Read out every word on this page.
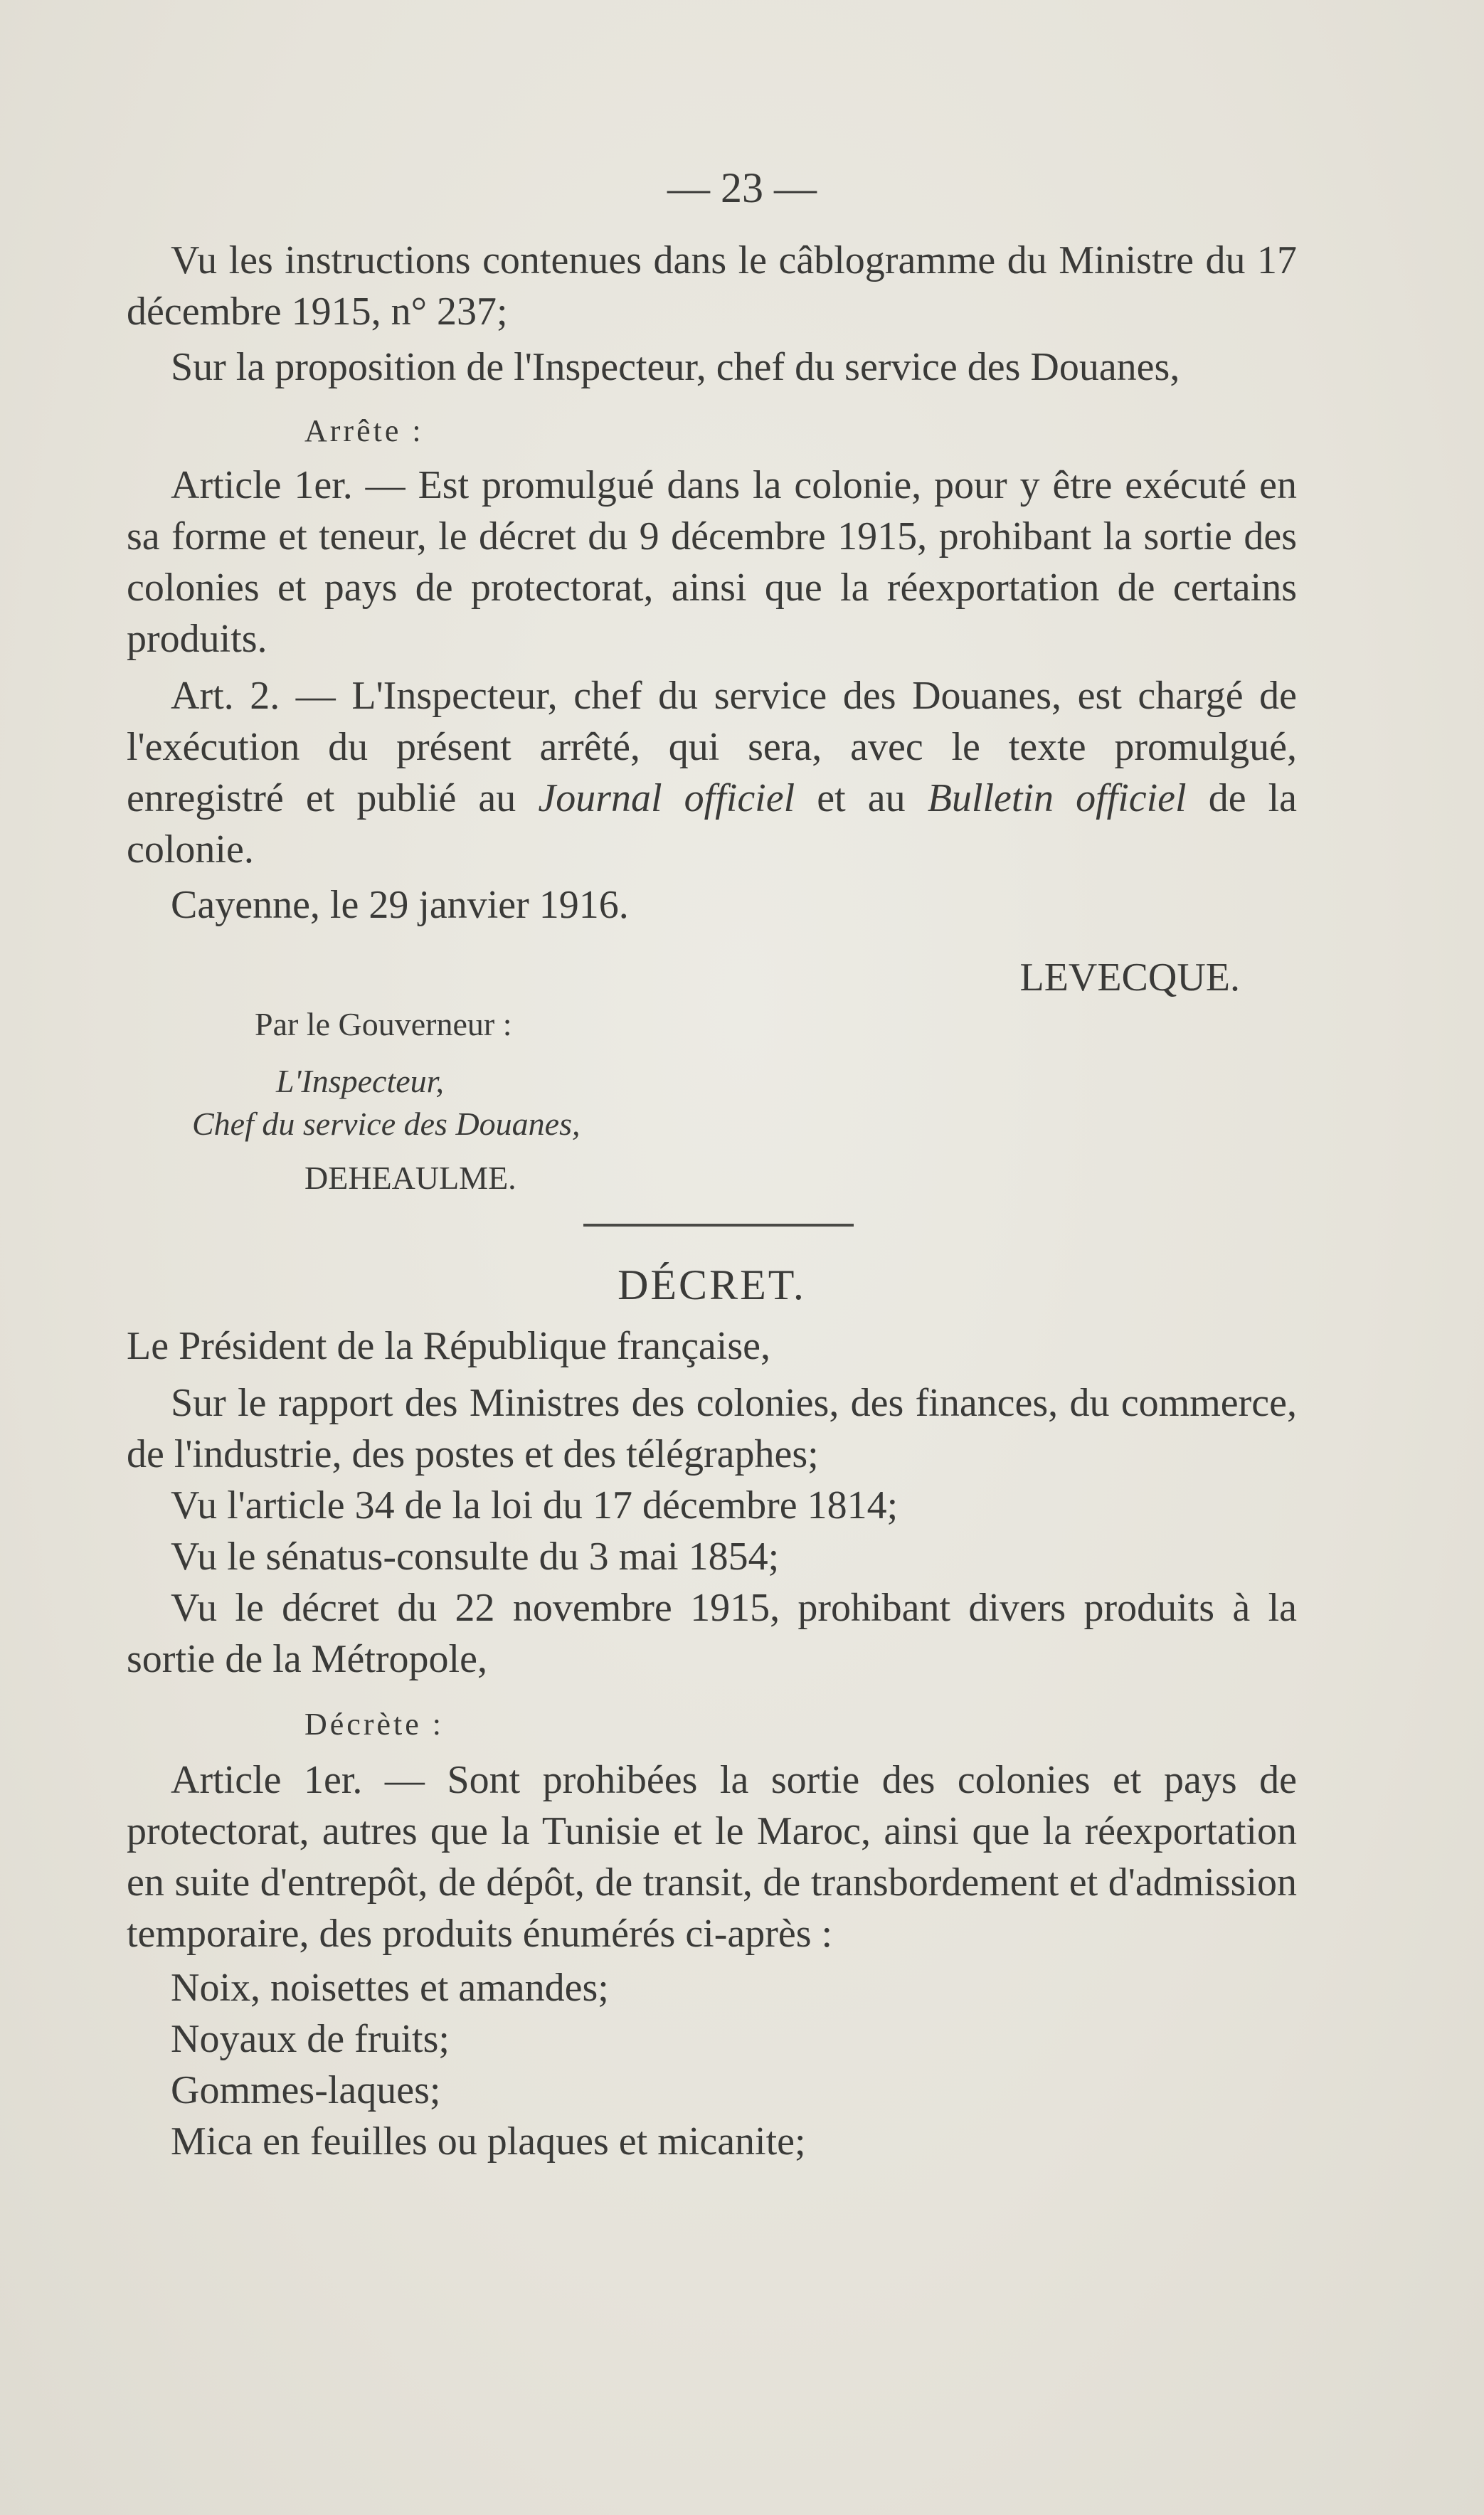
— 23 —

Vu les instructions contenues dans le câblogramme du Ministre du 17 décembre 1915, n° 237;

Sur la proposition de l'Inspecteur, chef du service des Douanes,

Arrête :

Article 1er. — Est promulgué dans la colonie, pour y être exécuté en sa forme et teneur, le décret du 9 décembre 1915, prohibant la sortie des colonies et pays de protectorat, ainsi que la réexportation de certains produits.

Art. 2. — L'Inspecteur, chef du service des Douanes, est chargé de l'exécution du présent arrêté, qui sera, avec le texte promulgué, enregistré et publié au Journal officiel et au Bulletin officiel de la colonie.

Cayenne, le 29 janvier 1916.

LEVECQUE.

Par le Gouverneur :

L'Inspecteur,

Chef du service des Douanes,

DEHEAULME.

DÉCRET.

Le Président de la République française,

Sur le rapport des Ministres des colonies, des finances, du commerce, de l'industrie, des postes et des télégraphes;

Vu l'article 34 de la loi du 17 décembre 1814;

Vu le sénatus-consulte du 3 mai 1854;

Vu le décret du 22 novembre 1915, prohibant divers produits à la sortie de la Métropole,

Décrète :

Article 1er. — Sont prohibées la sortie des colonies et pays de protectorat, autres que la Tunisie et le Maroc, ainsi que la réexportation en suite d'entrepôt, de dépôt, de transit, de transbordement et d'admission temporaire, des produits énumérés ci-après :

Noix, noisettes et amandes;

Noyaux de fruits;

Gommes-laques;

Mica en feuilles ou plaques et micanite;
